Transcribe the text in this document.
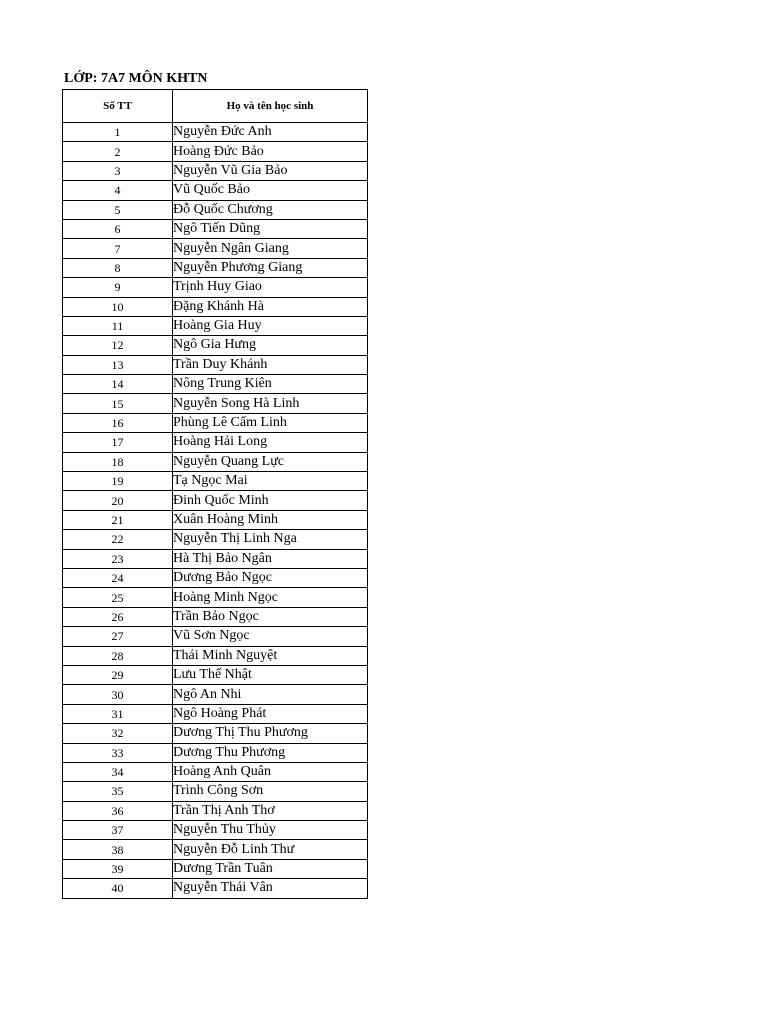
LỚP: 7A7 MÔN KHTN
Số TT	Họ và tên học sinh
1	Nguyễn Đức Anh
2	Hoàng Đức Bảo
3	Nguyễn Vũ Gia Bảo
4	Vũ Quốc Bảo
5	Đỗ Quốc Chương
6	Ngô Tiến Dũng
7	Nguyễn Ngân Giang
8	Nguyễn Phương Giang
9	Trịnh Huy Giao
10	Đặng Khánh Hà
11	Hoàng Gia Huy
12	Ngô Gia Hưng
13	Trần Duy Khánh
14	Nông Trung Kiên
15	Nguyễn Song Hà Linh
16	Phùng Lê Cẩm Linh
17	Hoàng Hải Long
18	Nguyễn Quang Lực
19	Tạ Ngọc Mai
20	Đinh Quốc Minh
21	Xuân Hoàng Minh
22	Nguyễn Thị Linh Nga
23	Hà Thị Bảo Ngân
24	Dương Bảo Ngọc
25	Hoàng Minh Ngọc
26	Trần Bảo Ngọc
27	Vũ Sơn Ngọc
28	Thái Minh Nguyệt
29	Lưu Thế Nhật
30	Ngô An Nhi
31	Ngô Hoàng Phát
32	Dương Thị Thu Phương
33	Dương Thu Phương
34	Hoàng Anh Quân
35	Trình Công Sơn
36	Trần Thị Anh Thơ
37	Nguyễn Thu Thủy
38	Nguyễn Đỗ Linh Thư
39	Dương Trần Tuân
40	Nguyễn Thái Vân
